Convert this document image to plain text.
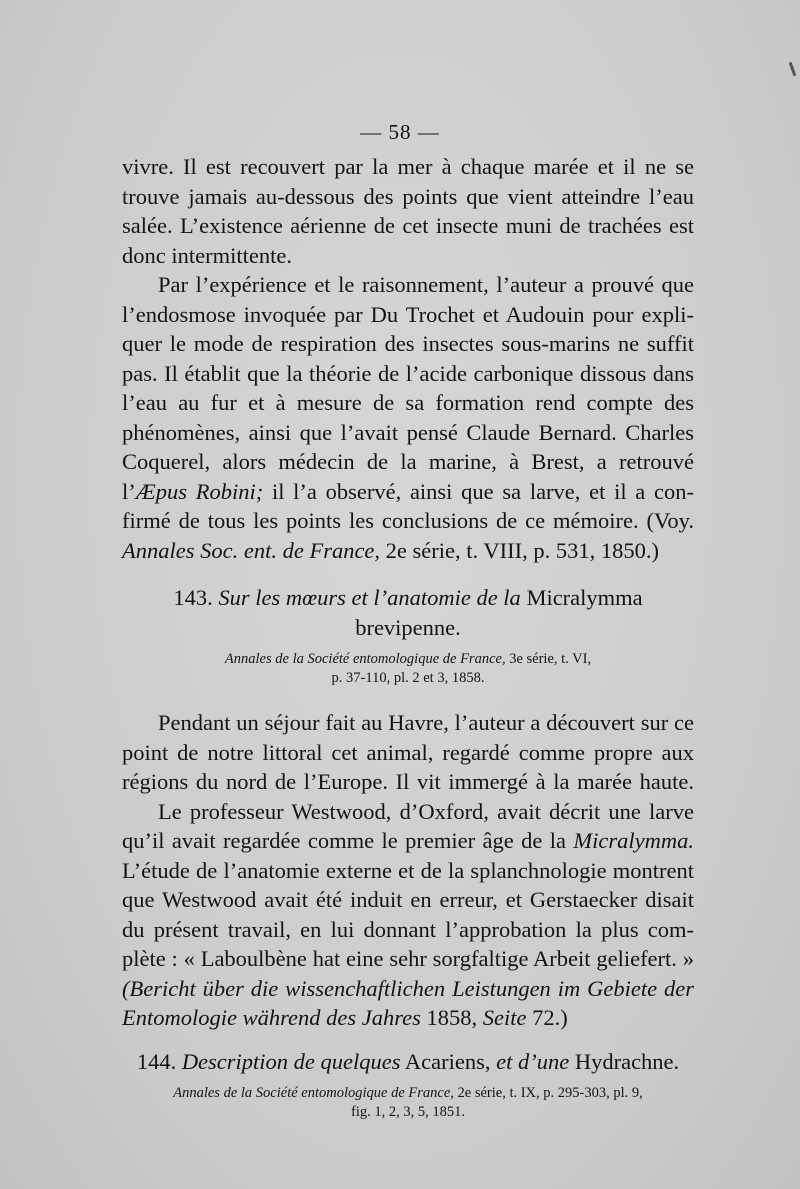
— 58 —
vivre. Il est recouvert par la mer à chaque marée et il ne se
trouve jamais au-dessous des points que vient atteindre l’eau
salée. L’existence aérienne de cet insecte muni de trachées est
donc intermittente.
Par l’expérience et le raisonnement, l’auteur a prouvé que
l’endosmose invoquée par Du Trochet et Audouin pour expli-
quer le mode de respiration des insectes sous-marins ne suffit
pas. Il établit que la théorie de l’acide carbonique dissous dans
l’eau au fur et à mesure de sa formation rend compte des
phénomènes, ainsi que l’avait pensé Claude Bernard. Charles
Coquerel, alors médecin de la marine, à Brest, a retrouvé
l’Æpus Robini; il l’a observé, ainsi que sa larve, et il a con-
firmé de tous les points les conclusions de ce mémoire. (Voy.
Annales Soc. ent. de France, 2e série, t. VIII, p. 531, 1850.)
143. Sur les mœurs et l’anatomie de la Micralymma
brevipenne.
Annales de la Société entomologique de France, 3e série, t. VI,
p. 37-110, pl. 2 et 3, 1858.
Pendant un séjour fait au Havre, l’auteur a découvert sur ce
point de notre littoral cet animal, regardé comme propre aux
régions du nord de l’Europe. Il vit immergé à la marée haute.
Le professeur Westwood, d’Oxford, avait décrit une larve
qu’il avait regardée comme le premier âge de la Micralymma.
L’étude de l’anatomie externe et de la splanchnologie montrent
que Westwood avait été induit en erreur, et Gerstaecker disait
du présent travail, en lui donnant l’approbation la plus com-
plète : « Laboulbène hat eine sehr sorgfaltige Arbeit geliefert. »
(Bericht über die wissenchaftlichen Leistungen im Gebiete der
Entomologie während des Jahres 1858, Seite 72.)
144. Description de quelques Acariens, et d’une Hydrachne.
Annales de la Société entomologique de France, 2e série, t. IX, p. 295-303, pl. 9,
fig. 1, 2, 3, 5, 1851.
